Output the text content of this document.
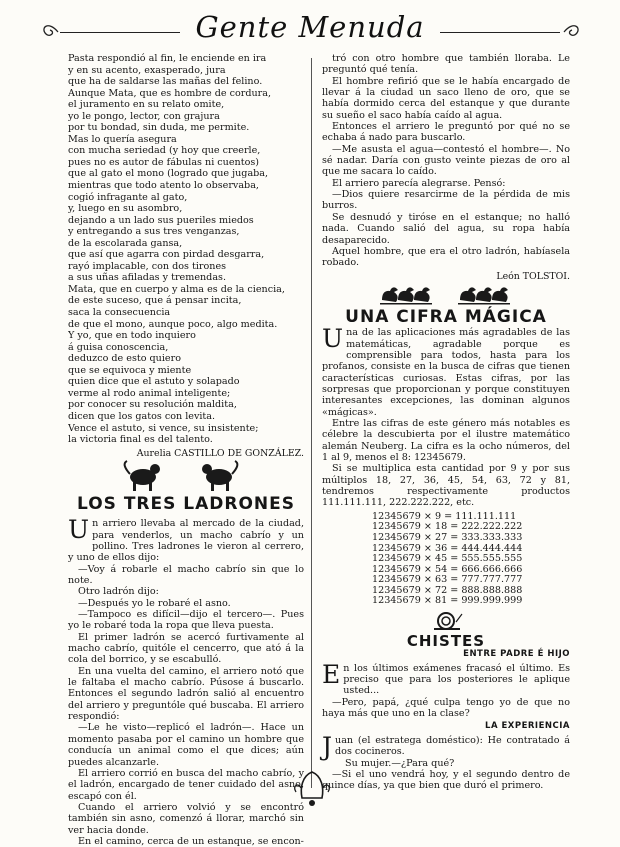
Gente Menuda
Pasta respondió al fin, le enciende en ira
y en su acento, exasperado, jura
que ha de saldarse las mañas del felino.
Aunque Mata, que es hombre de cordura,
el juramento en su relato omite,
yo le pongo, lector, con grajura
por tu bondad, sin duda, me permite.
Mas lo quería asegura
con mucha seriedad (y hoy que creerle,
pues no es autor de fábulas ni cuentos)
que al gato el mono (logrado que jugaba,
mientras que todo atento lo observaba,
cogió infragante al gato,
y, luego en su asombro,
dejando a un lado sus pueriles miedos
y entregando a sus tres venganzas,
de la escolarada gansa,
que así que agarra con pirdad desgarra,
rayó implacable, con dos tirones
a sus uñas afiladas y tremendas.
Mata, que en cuerpo y alma es de la ciencia,
de este suceso, que á pensar incita,
saca la consecuencia
de que el mono, aunque poco, algo medita.
Y yo, que en todo inquiero
á guisa conoscencia,
deduzco de esto quiero
que se equivoca y miente
quien dice que el astuto y solapado
verme al rodo animal inteligente;
por conocer su resolución maldita,
dicen que los gatos con levita.
Vence el astuto, si vence, su insistente;
la victoria final es del talento.
Aurelia CASTILLO DE GONZÁLEZ.
LOS TRES LADRONES

Un arriero llevaba al mercado de la ciudad, para venderlos, un macho cabrío y un pollino. Tres ladrones le vieron al cerrero, y uno de ellos dijo:

—Voy á robarle el macho cabrío sin que lo note.

Otro ladrón dijo:

—Después yo le robaré el asno.

—Tampoco es difícil—dijo el tercero—. Pues yo le robaré toda la ropa que lleva puesta.

El primer ladrón se acercó furtivamente al macho cabrío, quitóle el cencerro, que ató á la cola del borrico, y se escabulló.

En una vuelta del camino, el arriero notó que le faltaba el macho cabrío. Púsose á buscarlo. Entonces el segundo ladrón salió al encuentro del arriero y preguntóle qué buscaba. El arriero respondió:

—Le he visto—replicó el ladrón—. Hace un momento pasaba por el camino un hombre que conducía un animal como el que dices; aún puedes alcanzarle.

El arriero corrió en busca del macho cabrío, y el ladrón, encargado de tener cuidado del asno, escapó con él.

Cuando el arriero volvió y se encontró también sin asno, comenzó á llorar, marchó sin ver hacia donde.

En el camino, cerca de un estanque, se encon-

tró con otro hombre que también lloraba. Le preguntó qué tenía.

El hombre refirió que se le había encargado de llevar á la ciudad un saco lleno de oro, que se había dormido cerca del estanque y que durante su sueño el saco había caído al agua.

Entonces el arriero le preguntó por qué no se echaba á nado para buscarlo.

—Me asusta el agua—contestó el hombre—. No sé nadar. Daría con gusto veinte piezas de oro al que me sacara lo caído.

El arriero parecía alegrarse. Pensó:

—Dios quiere resarcirme de la pérdida de mis burros.

Se desnudó y tiróse en el estanque; no halló nada. Cuando salió del agua, su ropa había desaparecido.

Aquel hombre, que era el otro ladrón, habíasela robado.

León TOLSTOI.
UNA CIFRA MÁGICA

Una de las aplicaciones más agradables de las matemáticas, agradable porque es comprensible para todos, hasta para los profanos, consiste en la busca de cifras que tienen características curiosas. Estas cifras, por las sorpresas que proporcionan y porque constituyen interesantes excepciones, las dominan algunos «mágicas».

Entre las cifras de este género más notables es célebre la descubierta por el ilustre matemático alemán Neuberg. La cifra es la ocho números, del 1 al 9, menos el 8: 12345679.

Si se multiplica esta cantidad por 9 y por sus múltiplos 18, 27, 36, 45, 54, 63, 72 y 81, tendremos respectivamente productos 111.111.111, 222.222.222, etc.

12345679 × 9 = 111.111.111
12345679 × 18 = 222.222.222
12345679 × 27 = 333.333.333
12345679 × 36 = 444.444.444
12345679 × 45 = 555.555.555
12345679 × 54 = 666.666.666
12345679 × 63 = 777.777.777
12345679 × 72 = 888.888.888
12345679 × 81 = 999.999.999
CHISTES
ENTRE PADRE É HIJO

En los últimos exámenes fracasó el último. Es preciso que para los posteriores le aplique usted...

—Pero, papá, ¿qué culpa tengo yo de que no haya más que uno en la clase?

LA EXPERIENCIA

Juan (el estratega doméstico): He contratado á dos cocineros.

Su mujer.—¿Para qué?

—Si el uno vendrá hoy, y el segundo dentro de quince días, ya que bien que duró el primero.
